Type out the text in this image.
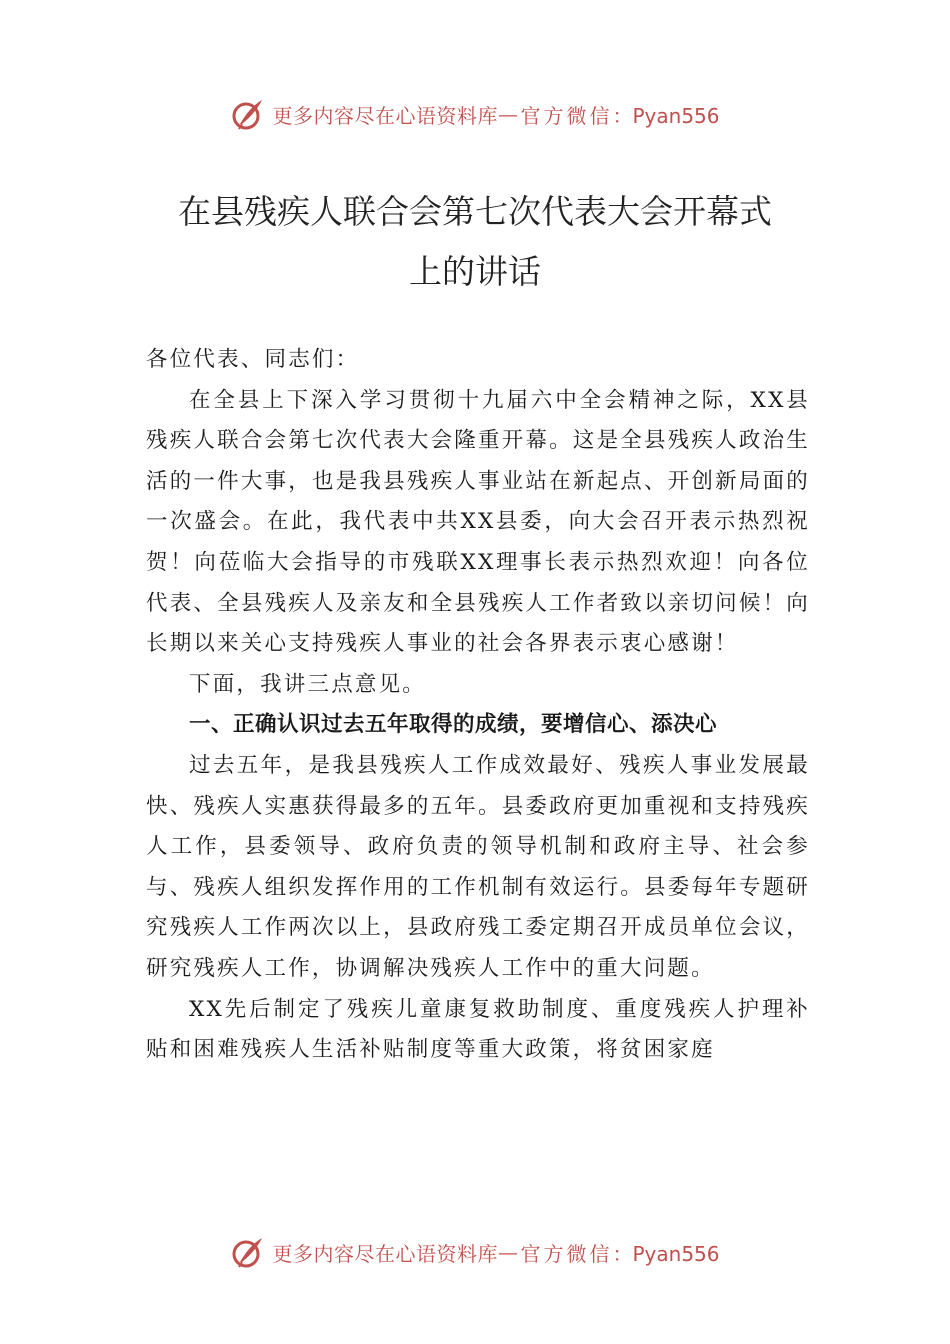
更多内容尽在心语资料库 — 官方微信：Pyan556
在县残疾人联合会第七次代表大会开幕式
上的讲话

各位代表、同志们：

在全县上下深入学习贯彻十九届六中全会精神之际，XX县残疾人联合会第七次代表大会隆重开幕。这是全县残疾人政治生活的一件大事，也是我县残疾人事业站在新起点、开创新局面的一次盛会。在此，我代表中共XX县委，向大会召开表示热烈祝贺！向莅临大会指导的市残联XX理事长表示热烈欢迎！向各位代表、全县残疾人及亲友和全县残疾人工作者致以亲切问候！向长期以来关心支持残疾人事业的社会各界表示衷心感谢！

下面，我讲三点意见。

一、正确认识过去五年取得的成绩，要增信心、添决心

过去五年，是我县残疾人工作成效最好、残疾人事业发展最快、残疾人实惠获得最多的五年。县委政府更加重视和支持残疾人工作，县委领导、政府负责的领导机制和政府主导、社会参与、残疾人组织发挥作用的工作机制有效运行。县委每年专题研究残疾人工作两次以上，县政府残工委定期召开成员单位会议，研究残疾人工作，协调解决残疾人工作中的重大问题。

XX先后制定了残疾儿童康复救助制度、重度残疾人护理补贴和困难残疾人生活补贴制度等重大政策，将贫困家庭

更多内容尽在心语资料库 — 官方微信：Pyan556
